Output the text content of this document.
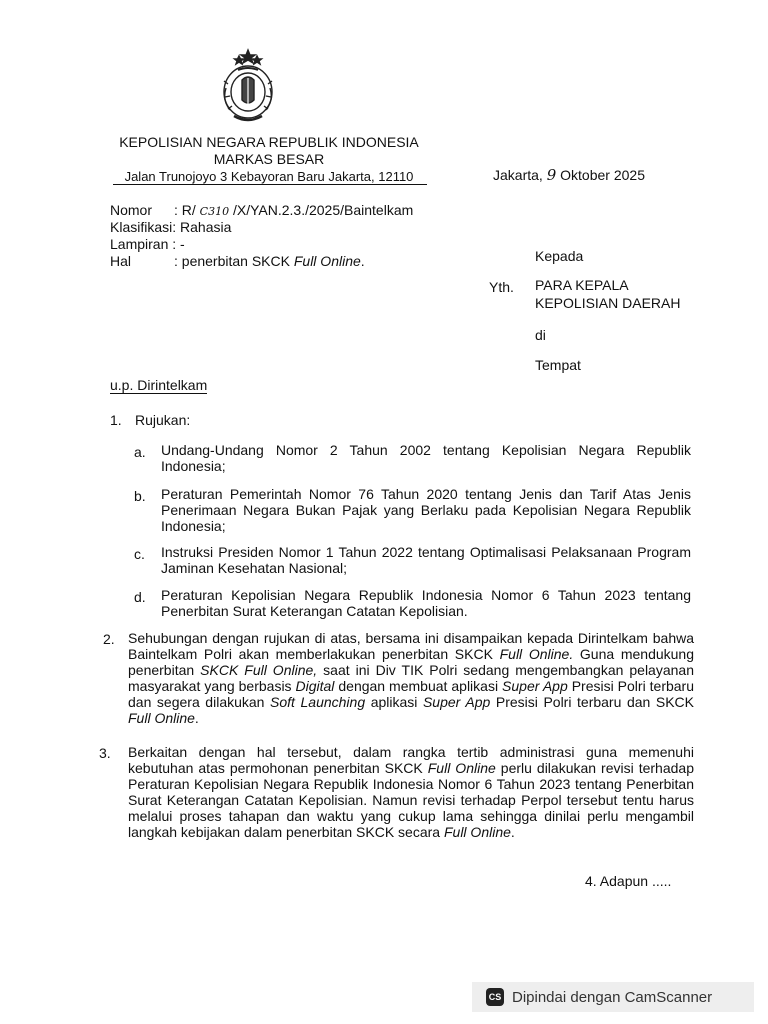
KEPOLISIAN NEGARA REPUBLIK INDONESIA
MARKAS BESAR
Jalan Trunojoyo 3 Kebayoran Baru Jakarta, 12110	Jakarta, 9 Oktober 2025
Nomor : R/ C310 /X/YAN.2.3./2025/Baintelkam
Klasifikasi: Rahasia
Lampiran : -
Hal	: penerbitan SKCK Full Online.	Kepada
Yth. PARA KEPALA
KEPOLISIAN DAERAH
di
Tempat
u.p. Dirintelkam
1. Rujukan:
a. Undang-Undang Nomor 2 Tahun 2002 tentang Kepolisian Negara Republik Indonesia;
b. Peraturan Pemerintah Nomor 76 Tahun 2020 tentang Jenis dan Tarif Atas Jenis Penerimaan Negara Bukan Pajak yang Berlaku pada Kepolisian Negara Republik Indonesia;
c. Instruksi Presiden Nomor 1 Tahun 2022 tentang Optimalisasi Pelaksanaan Program Jaminan Kesehatan Nasional;
d. Peraturan Kepolisian Negara Republik Indonesia Nomor 6 Tahun 2023 tentang Penerbitan Surat Keterangan Catatan Kepolisian.
2. Sehubungan dengan rujukan di atas, bersama ini disampaikan kepada Dirintelkam bahwa Baintelkam Polri akan memberlakukan penerbitan SKCK Full Online. Guna mendukung penerbitan SKCK Full Online, saat ini Div TIK Polri sedang mengembangkan pelayanan masyarakat yang berbasis Digital dengan membuat aplikasi Super App Presisi Polri terbaru dan segera dilakukan Soft Launching aplikasi Super App Presisi Polri terbaru dan SKCK Full Online.
3. Berkaitan dengan hal tersebut, dalam rangka tertib administrasi guna memenuhi kebutuhan atas permohonan penerbitan SKCK Full Online perlu dilakukan revisi terhadap Peraturan Kepolisian Negara Republik Indonesia Nomor 6 Tahun 2023 tentang Penerbitan Surat Keterangan Catatan Kepolisian. Namun revisi terhadap Perpol tersebut tentu harus melalui proses tahapan dan waktu yang cukup lama sehingga dinilai perlu mengambil langkah kebijakan dalam penerbitan SKCK secara Full Online.
4. Adapun .....
CS Dipindai dengan CamScanner
